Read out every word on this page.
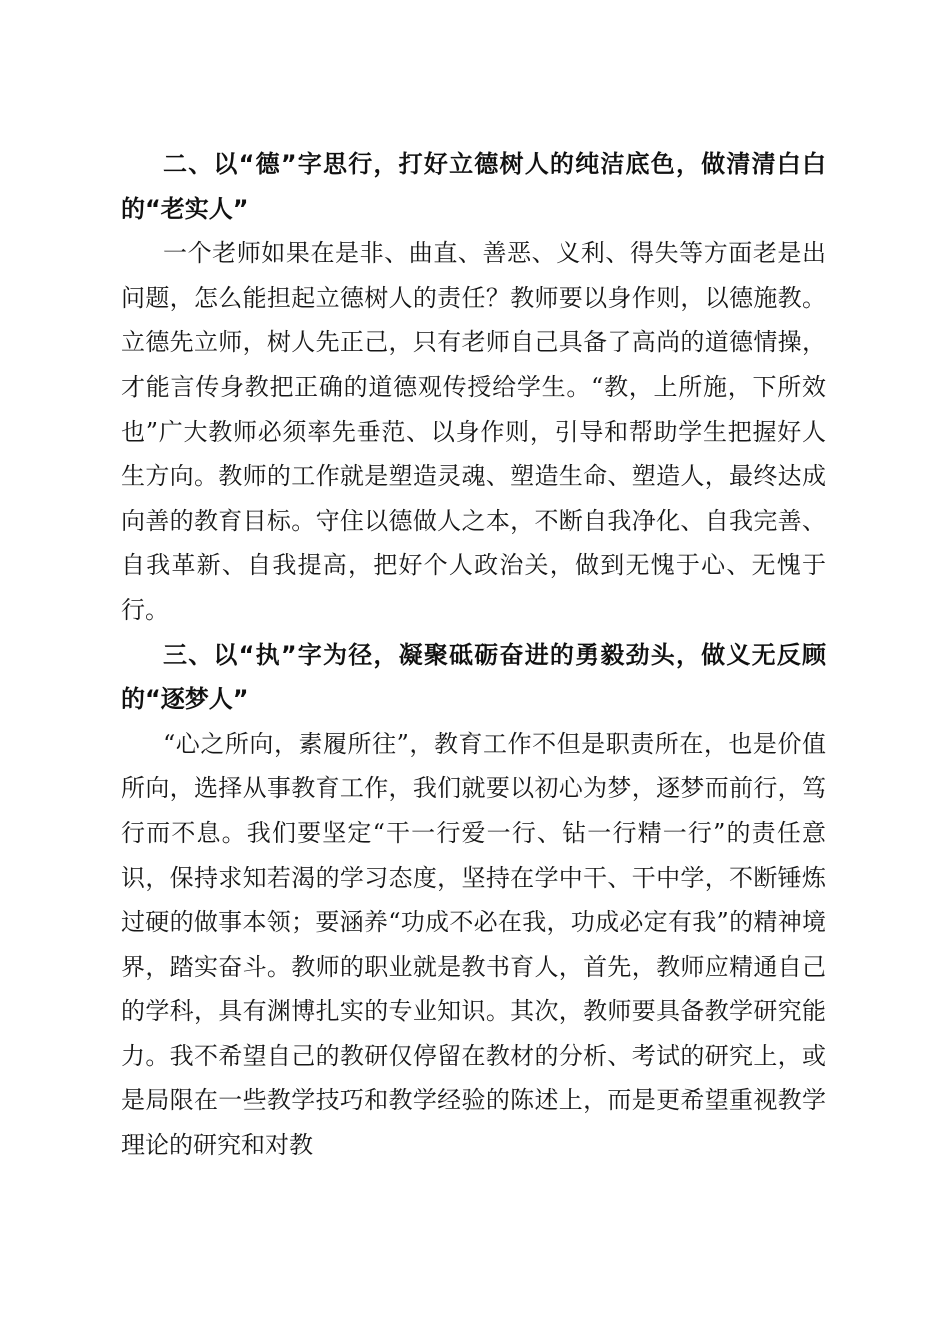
二、以“德”字思行，打好立德树人的纯洁底色，做清清白白的“老实人”

一个老师如果在是非、曲直、善恶、义利、得失等方面老是出问题，怎么能担起立德树人的责任？教师要以身作则，以德施教。立德先立师，树人先正己，只有老师自己具备了高尚的道德情操，才能言传身教把正确的道德观传授给学生。“教，上所施，下所效也”广大教师必须率先垂范、以身作则，引导和帮助学生把握好人生方向。教师的工作就是塑造灵魂、塑造生命、塑造人，最终达成向善的教育目标。守住以德做人之本，不断自我净化、自我完善、自我革新、自我提高，把好个人政治关，做到无愧于心、无愧于行。

三、以“执”字为径，凝聚砥砺奋进的勇毅劲头，做义无反顾的“逐梦人”

“心之所向，素履所往”，教育工作不但是职责所在，也是价值所向，选择从事教育工作，我们就要以初心为梦，逐梦而前行，笃行而不息。我们要坚定“干一行爱一行、钻一行精一行”的责任意识，保持求知若渴的学习态度，坚持在学中干、干中学，不断锤炼过硬的做事本领；要涵养“功成不必在我，功成必定有我”的精神境界，踏实奋斗。教师的职业就是教书育人，首先，教师应精通自己的学科，具有渊博扎实的专业知识。其次，教师要具备教学研究能力。我不希望自己的教研仅停留在教材的分析、考试的研究上，或是局限在一些教学技巧和教学经验的陈述上，而是更希望重视教学理论的研究和对教
